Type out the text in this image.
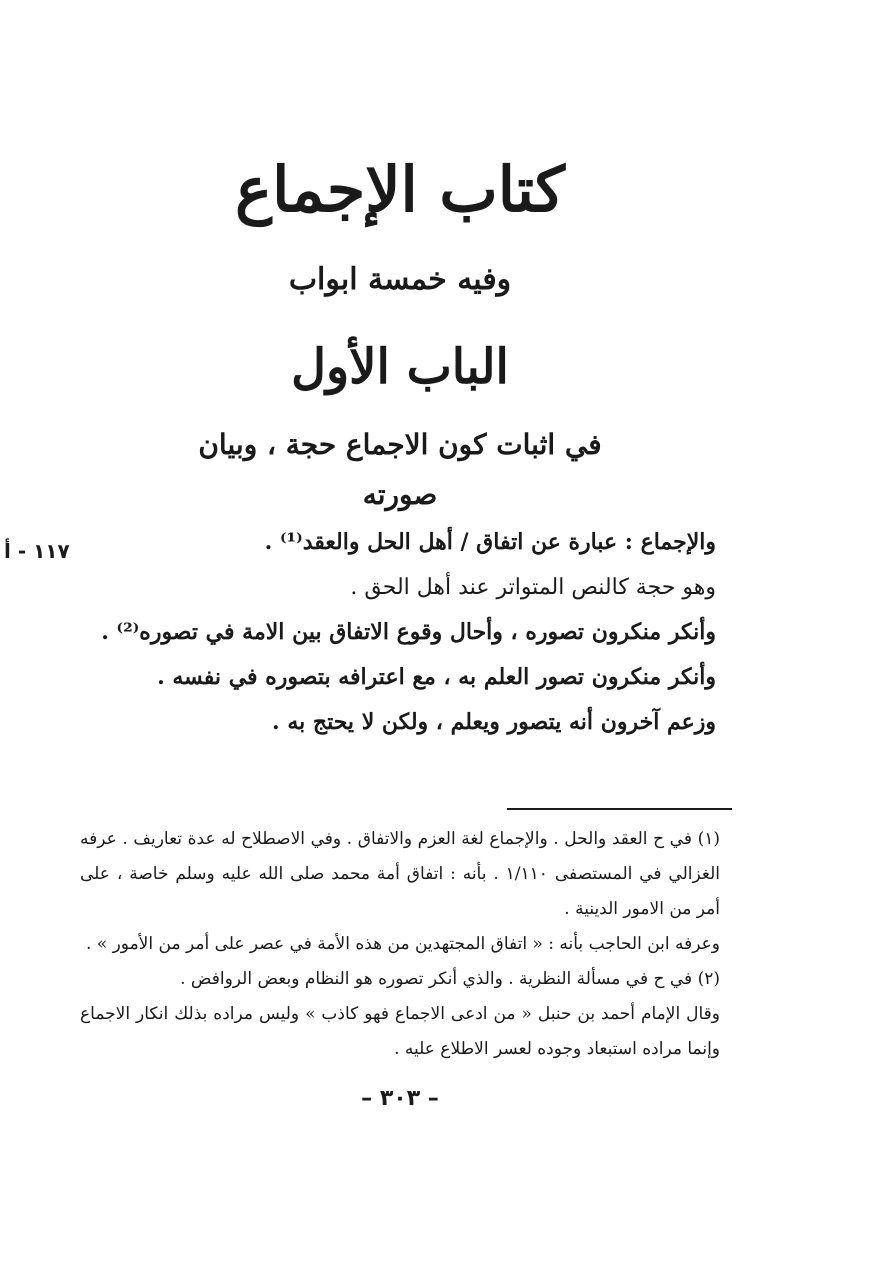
كتاب الإجماع
وفيه خمسة ابواب
الباب الأول
في اثبات كون الاجماع حجة ، وبيان صورته
١١٧ - أ	والإجماع : عبارة عن اتفاق / أهل الحل والعقد⁽¹⁾ .

وهو حجة كالنص المتواتر عند أهل الحق .

وأنكر منكرون تصوره ، وأحال وقوع الاتفاق بين الامة في تصوره⁽²⁾ .

وأنكر منكرون تصور العلم به ، مع اعترافه بتصوره في نفسه .

وزعم آخرون أنه يتصور ويعلم ، ولكن لا يحتج به .

(١) في ح العقد والحل . والإجماع لغة العزم والاتفاق . وفي الاصطلاح له عدة تعاريف . عرفه الغزالي في المستصفى ١/١١٠ . بأنه : اتفاق أمة محمد صلى الله عليه وسلم خاصة ، على أمر من الامور الدينية .

وعرفه ابن الحاجب بأنه : « اتفاق المجتهدين من هذه الأمة في عصر على أمر من الأمور » .

(٢) في ح في مسألة النظرية . والذي أنكر تصوره هو النظام وبعض الروافض .

وقال الإمام أحمد بن حنبل « من ادعى الاجماع فهو كاذب » وليس مراده بذلك انكار الاجماع وإنما مراده استبعاد وجوده لعسر الاطلاع عليه .

– ٣٠٣ –
